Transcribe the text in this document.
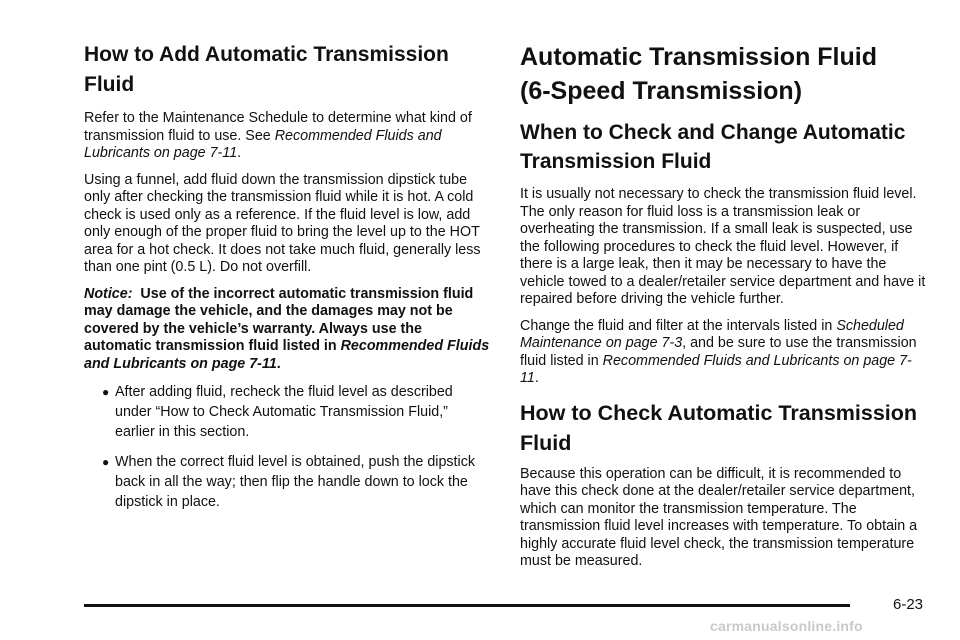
How to Add Automatic Transmission
Fluid

Refer to the Maintenance Schedule to determine what kind of transmission fluid to use. See Recommended Fluids and Lubricants on page 7-11.

Using a funnel, add fluid down the transmission dipstick tube only after checking the transmission fluid while it is hot. A cold check is used only as a reference. If the fluid level is low, add only enough of the proper fluid to bring the level up to the HOT area for a hot check. It does not take much fluid, generally less than one pint (0.5 L). Do not overfill.

Notice: Use of the incorrect automatic transmission fluid may damage the vehicle, and the damages may not be covered by the vehicle’s warranty. Always use the automatic transmission fluid listed in Recommended Fluids and Lubricants on page 7-11.

● After adding fluid, recheck the fluid level as described under “How to Check Automatic Transmission Fluid,” earlier in this section.
● When the correct fluid level is obtained, push the dipstick back in all the way; then flip the handle down to lock the dipstick in place.
Automatic Transmission Fluid
(6-Speed Transmission)
When to Check and Change Automatic
Transmission Fluid

It is usually not necessary to check the transmission fluid level. The only reason for fluid loss is a transmission leak or overheating the transmission. If a small leak is suspected, use the following procedures to check the fluid level. However, if there is a large leak, then it may be necessary to have the vehicle towed to a dealer/retailer service department and have it repaired before driving the vehicle further.

Change the fluid and filter at the intervals listed in Scheduled Maintenance on page 7-3, and be sure to use the transmission fluid listed in Recommended Fluids and Lubricants on page 7-11.

How to Check Automatic Transmission
Fluid

Because this operation can be difficult, it is recommended to have this check done at the dealer/retailer service department, which can monitor the transmission temperature. The transmission fluid level increases with temperature. To obtain a highly accurate fluid level check, the transmission temperature must be measured.

6-23
carmanualsonline.info
